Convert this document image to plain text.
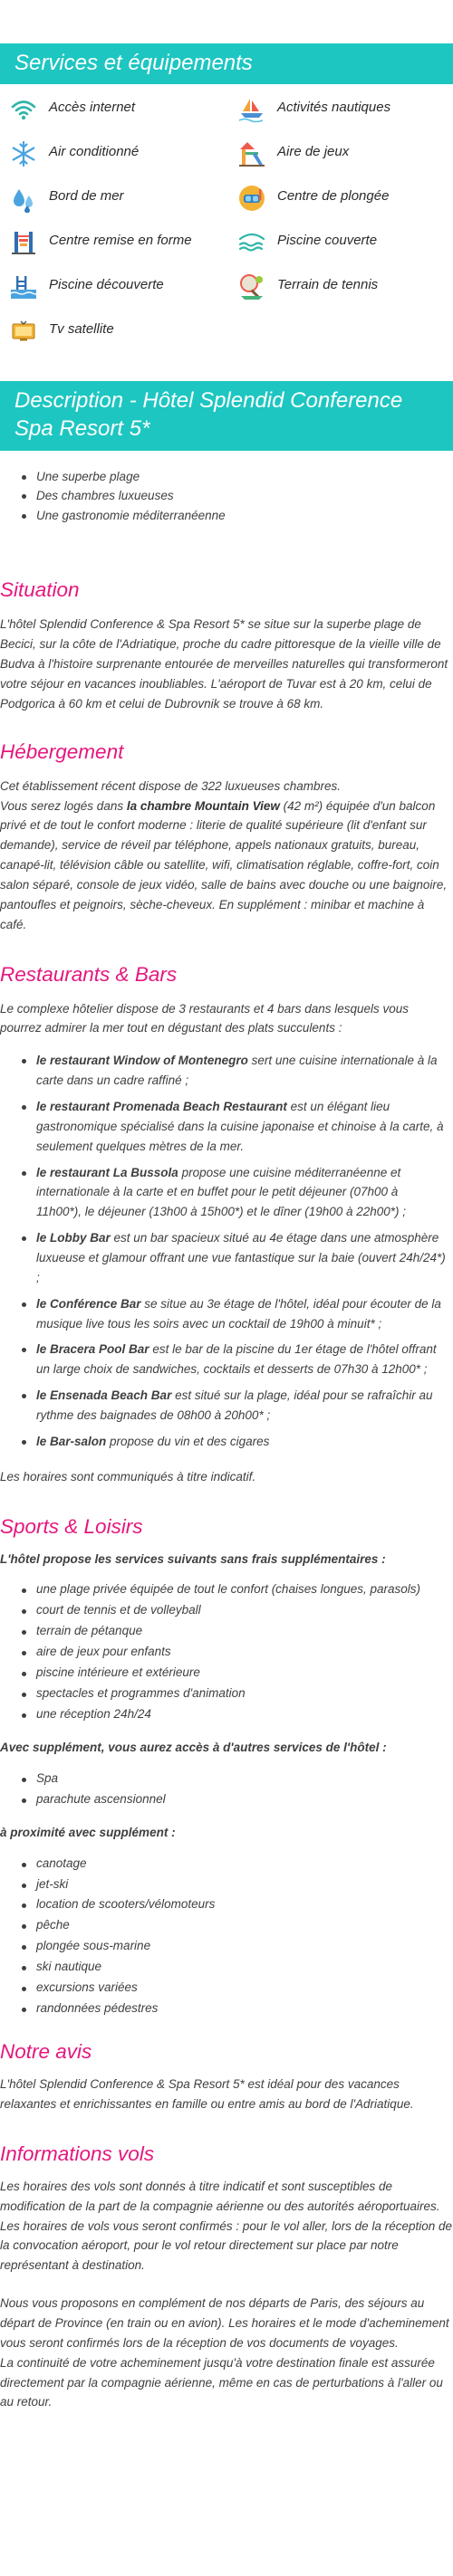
Services et équipements
Accès internet	Activités nautiques
Air conditionné	Aire de jeux
Bord de mer	Centre de plongée
Centre remise en forme	Piscine couverte
Piscine découverte	Terrain de tennis
Tv satellite
Description - Hôtel Splendid Conference Spa Resort 5*
Une superbe plage
Des chambres luxueuses
Une gastronomie méditerranéenne
Situation

L'hôtel Splendid Conference & Spa Resort 5* se situe sur la superbe plage de Becici, sur la côte de l'Adriatique, proche du cadre pittoresque de la vieille ville de Budva à l'histoire surprenante entourée de merveilles naturelles qui transformeront votre séjour en vacances inoubliables. L'aéroport de Tuvar est à 20 km, celui de Podgorica à 60 km et celui de Dubrovnik se trouve à 68 km.

Hébergement

Cet établissement récent dispose de 322 luxueuses chambres.

Vous serez logés dans la chambre Mountain View (42 m²) équipée d'un balcon privé et de tout le confort moderne : literie de qualité supérieure (lit d'enfant sur demande), service de réveil par téléphone, appels nationaux gratuits, bureau, canapé-lit, télévision câble ou satellite, wifi, climatisation réglable, coffre-fort, coin salon séparé, console de jeux vidéo, salle de bains avec douche ou une baignoire, pantoufles et peignoirs, sèche-cheveux. En supplément : minibar et machine à café.

Restaurants & Bars

Le complexe hôtelier dispose de 3 restaurants et 4 bars dans lesquels vous pourrez admirer la mer tout en dégustant des plats succulents :

le restaurant Window of Montenegro sert une cuisine internationale à la carte dans un cadre raffiné ;
le restaurant Promenada Beach Restaurant est un élégant lieu gastronomique spécialisé dans la cuisine japonaise et chinoise à la carte, à seulement quelques mètres de la mer.
le restaurant La Bussola propose une cuisine méditerranéenne et internationale à la carte et en buffet pour le petit déjeuner (07h00 à 11h00*), le déjeuner (13h00 à 15h00*) et le dîner (19h00 à 22h00*) ;
le Lobby Bar est un bar spacieux situé au 4e étage dans une atmosphère luxueuse et glamour offrant une vue fantastique sur la baie (ouvert 24h/24*) ;
le Conférence Bar se situe au 3e étage de l'hôtel, idéal pour écouter de la musique live tous les soirs avec un cocktail de 19h00 à minuit* ;
le Bracera Pool Bar est le bar de la piscine du 1er étage de l'hôtel offrant un large choix de sandwiches, cocktails et desserts de 07h30 à 12h00* ;
le Ensenada Beach Bar est situé sur la plage, idéal pour se rafraîchir au rythme des baignades de 08h00 à 20h00* ;
le Bar-salon propose du vin et des cigares

Les horaires sont communiqués à titre indicatif.

Sports & Loisirs

L'hôtel propose les services suivants sans frais supplémentaires :

une plage privée équipée de tout le confort (chaises longues, parasols)
court de tennis et de volleyball
terrain de pétanque
aire de jeux pour enfants
piscine intérieure et extérieure
spectacles et programmes d'animation
une réception 24h/24

Avec supplément, vous aurez accès à d'autres services de l'hôtel :

Spa
parachute ascensionnel

à proximité avec supplément :

canotage
jet-ski
location de scooters/vélomoteurs
pêche
plongée sous-marine
ski nautique
excursions variées
randonnées pédestres
Notre avis

L'hôtel Splendid Conference & Spa Resort 5* est idéal pour des vacances relaxantes et enrichissantes en famille ou entre amis au bord de l'Adriatique.

Informations vols

Les horaires des vols sont donnés à titre indicatif et sont susceptibles de modification de la part de la compagnie aérienne ou des autorités aéroportuaires.

Les horaires de vols vous seront confirmés : pour le vol aller, lors de la réception de la convocation aéroport, pour le vol retour directement sur place par notre représentant à destination.

Nous vous proposons en complément de nos départs de Paris, des séjours au départ de Province (en train ou en avion). Les horaires et le mode d'acheminement vous seront confirmés lors de la réception de vos documents de voyages.

La continuité de votre acheminement jusqu'à votre destination finale est assurée directement par la compagnie aérienne, même en cas de perturbations à l'aller ou au retour.
